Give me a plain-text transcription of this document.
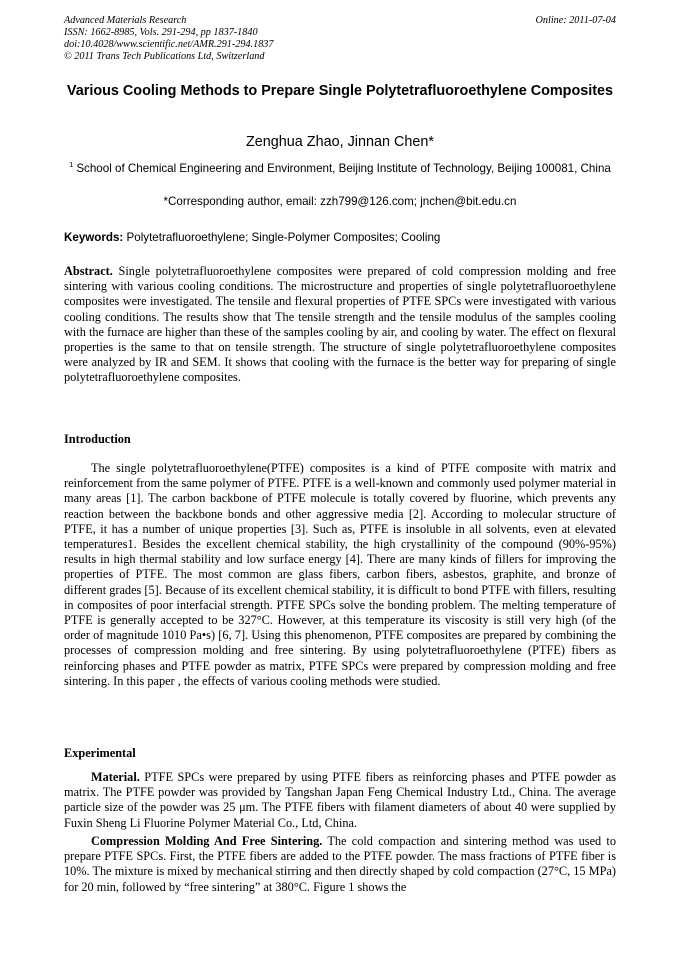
Advanced Materials Research
ISSN: 1662-8985, Vols. 291-294, pp 1837-1840
doi:10.4028/www.scientific.net/AMR.291-294.1837
© 2011 Trans Tech Publications Ltd, Switzerland
Online: 2011-07-04
Various Cooling Methods to Prepare Single Polytetrafluoroethylene Composites
Zenghua Zhao, Jinnan Chen*
$^1$ School of Chemical Engineering and Environment, Beijing Institute of Technology, Beijing 100081, China
*Corresponding author, email: zzh799@126.com; jnchen@bit.edu.cn
Keywords: Polytetrafluoroethylene; Single-Polymer Composites; Cooling
Abstract. Single polytetrafluoroethylene composites were prepared of cold compression molding and free sintering with various cooling conditions. The microstructure and properties of single polytetrafluoroethylene composites were investigated. The tensile and flexural properties of PTFE SPCs were investigated with various cooling conditions. The results show that The tensile strength and the tensile modulus of the samples cooling with the furnace are higher than these of the samples cooling by air, and cooling by water. The effect on flexural properties is the same to that on tensile strength. The structure of single polytetrafluoroethylene composites were analyzed by IR and SEM. It shows that cooling with the furnace is the better way for preparing of single polytetrafluoroethylene composites.
Introduction
The single polytetrafluoroethylene(PTFE) composites is a kind of PTFE composite with matrix and reinforcement from the same polymer of PTFE. PTFE is a well-known and commonly used polymer material in many areas [1]. The carbon backbone of PTFE molecule is totally covered by fluorine, which prevents any reaction between the backbone bonds and other aggressive media [2]. According to molecular structure of PTFE, it has a number of unique properties [3]. Such as, PTFE is insoluble in all solvents, even at elevated temperatures1. Besides the excellent chemical stability, the high crystallinity of the compound (90%-95%) results in high thermal stability and low surface energy [4]. There are many kinds of fillers for improving the properties of PTFE. The most common are glass fibers, carbon fibers, asbestos, graphite, and bronze of different grades [5]. Because of its excellent chemical stability, it is difficult to bond PTFE with fillers, resulting in composites of poor interfacial strength. PTFE SPCs solve the bonding problem. The melting temperature of PTFE is generally accepted to be 327°C. However, at this temperature its viscosity is still very high (of the order of magnitude 1010 Pa•s) [6, 7]. Using this phenomenon, PTFE composites are prepared by combining the processes of compression molding and free sintering. By using polytetrafluoroethylene (PTFE) fibers as reinforcing phases and PTFE powder as matrix, PTFE SPCs were prepared by compression molding and free sintering. In this paper , the effects of various cooling methods were studied.
Experimental
Material. PTFE SPCs were prepared by using PTFE fibers as reinforcing phases and PTFE powder as matrix. The PTFE powder was provided by Tangshan Japan Feng Chemical Industry Ltd., China. The average particle size of the powder was 25 μm. The PTFE fibers with filament diameters of about 40 were supplied by Fuxin Sheng Li Fluorine Polymer Material Co., Ltd, China.
Compression Molding And Free Sintering. The cold compaction and sintering method was used to prepare PTFE SPCs. First, the PTFE fibers are added to the PTFE powder. The mass fractions of PTFE fiber is 10%. The mixture is mixed by mechanical stirring and then directly shaped by cold compaction (27°C, 15 MPa) for 20 min, followed by “free sintering” at 380°C. Figure 1 shows the
